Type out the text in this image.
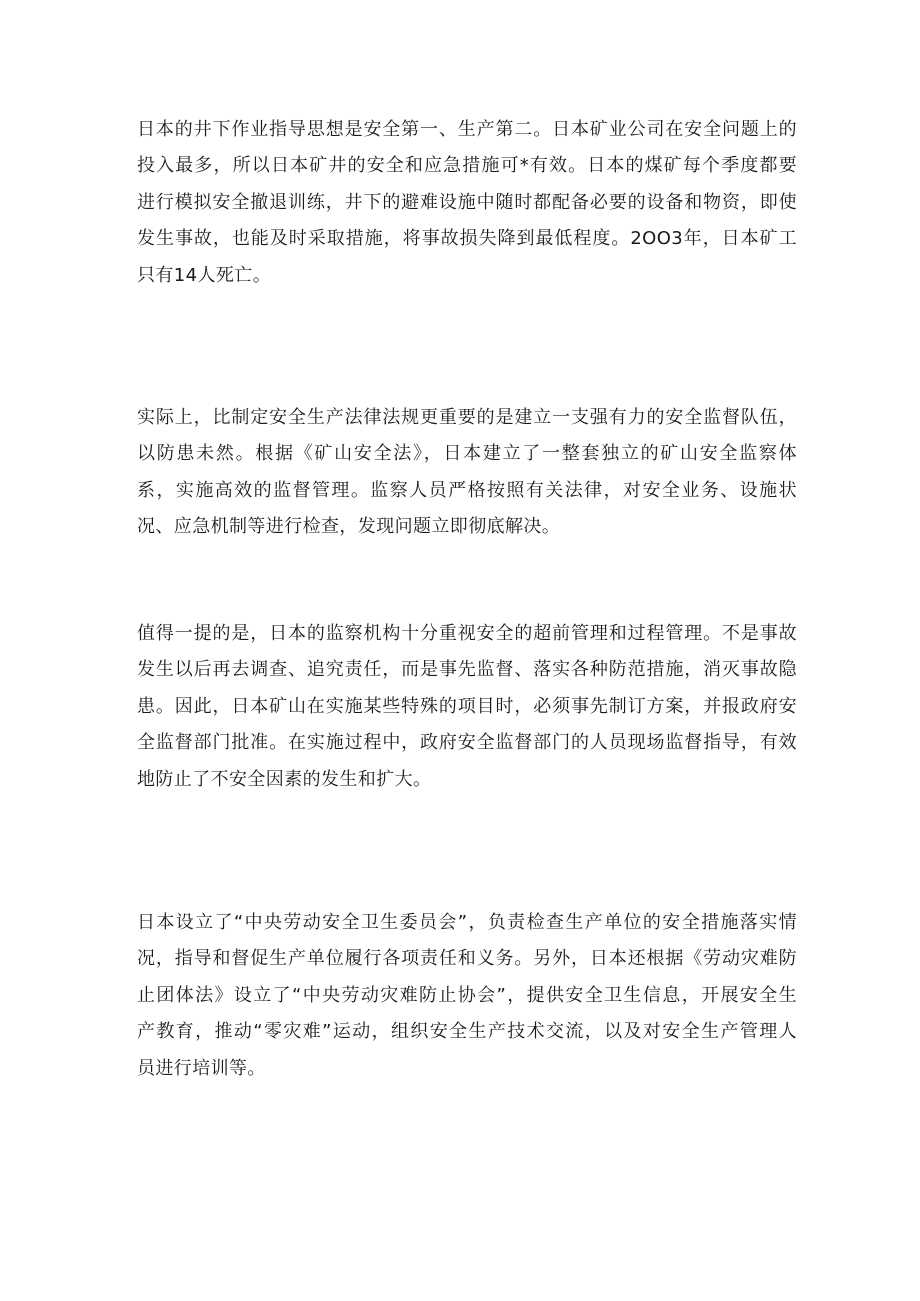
日本的井下作业指导思想是安全第一、生产第二。日本矿业公司在安全问题上的
投入最多，所以日本矿井的安全和应急措施可*有效。日本的煤矿每个季度都要
进行模拟安全撤退训练，井下的避难设施中随时都配备必要的设备和物资，即使
发生事故，也能及时采取措施，将事故损失降到最低程度。2OO3年，日本矿工
只有14人死亡。

实际上，比制定安全生产法律法规更重要的是建立一支强有力的安全监督队伍，
以防患未然。根据《矿山安全法》，日本建立了一整套独立的矿山安全监察体
系，实施高效的监督管理。监察人员严格按照有关法律，对安全业务、设施状
况、应急机制等进行检查，发现问题立即彻底解决。

值得一提的是，日本的监察机构十分重视安全的超前管理和过程管理。不是事故
发生以后再去调查、追究责任，而是事先监督、落实各种防范措施，消灭事故隐
患。因此，日本矿山在实施某些特殊的项目时，必须事先制订方案，并报政府安
全监督部门批准。在实施过程中，政府安全监督部门的人员现场监督指导，有效
地防止了不安全因素的发生和扩大。

日本设立了“中央劳动安全卫生委员会”，负责检查生产单位的安全措施落实情
况，指导和督促生产单位履行各项责任和义务。另外，日本还根据《劳动灾难防
止团体法》设立了“中央劳动灾难防止协会”，提供安全卫生信息，开展安全生
产教育，推动“零灾难”运动，组织安全生产技术交流，以及对安全生产管理人
员进行培训等。
